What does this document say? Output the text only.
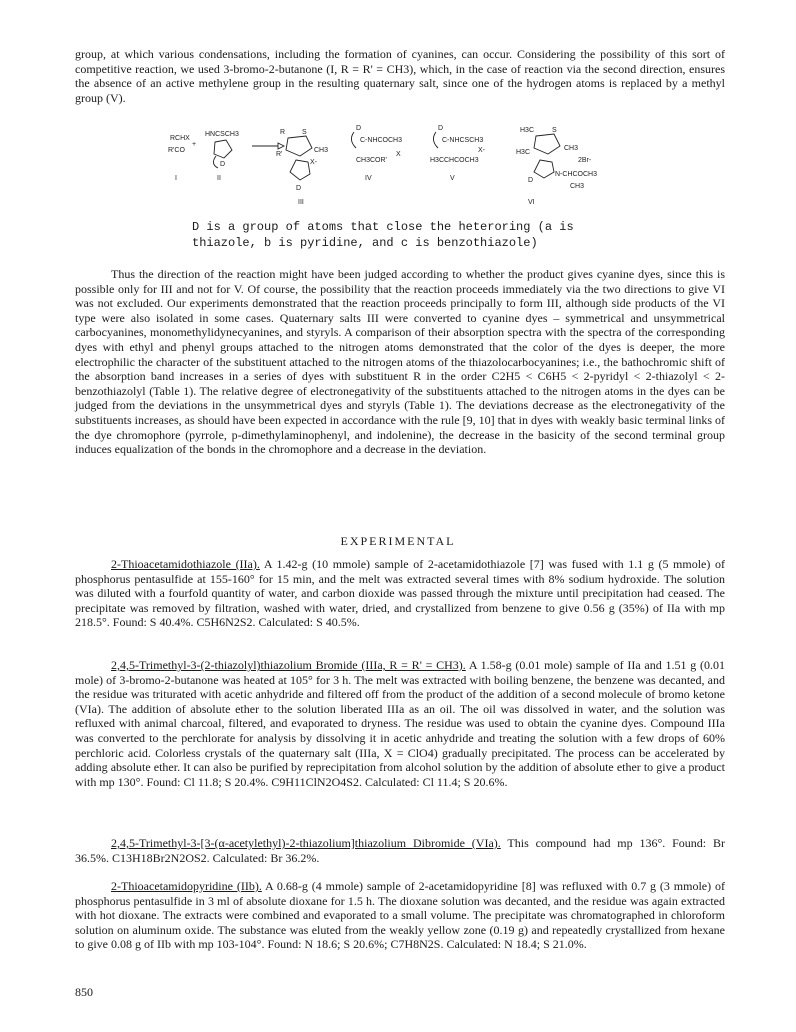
group, at which various condensations, including the formation of cyanines, can occur. Considering the possibility of this sort of competitive reaction, we used 3-bromo-2-butanone (I, R = R' = CH3), which, in the case of reaction via the second direction, ensures the absence of an active methylene group in the resulting quaternary salt, since one of the hydrogen atoms is replaced by a methyl group (V).

RCHX
R'CO
+
I
HNCSCH3
D
II
R S
CH3
R'
X-
D
III
D
C-NHCOCH3
X
CH3COR'
IV
D
C-NHCSCH3
X-
H3CCHCOCH3
V
H3C	S
CH3
H3C
2Br-
N-CHCOCH3
D
CH3
VI
D is a group of atoms that close the heteroring (a is thiazole, b is pyridine, and c is benzothiazole)

Thus the direction of the reaction might have been judged according to whether the product gives cyanine dyes, since this is possible only for III and not for V. Of course, the possibility that the reaction proceeds immediately via the two directions to give VI was not excluded. Our experiments demonstrated that the reaction proceeds principally to form III, although side products of the VI type were also isolated in some cases. Quaternary salts III were converted to cyanine dyes – symmetrical and unsymmetrical carbocyanines, monomethylidynecyanines, and styryls. A comparison of their absorption spectra with the spectra of the corresponding dyes with ethyl and phenyl groups attached to the nitrogen atoms demonstrated that the color of the dyes is deeper, the more electrophilic the character of the substituent attached to the nitrogen atoms of the thiazolocarbocyanines; i.e., the bathochromic shift of the absorption band increases in a series of dyes with substituent R in the order C2H5 < C6H5 < 2-pyridyl < 2-thiazolyl < 2-benzothiazolyl (Table 1). The relative degree of electronegativity of the substituents attached to the nitrogen atoms in the dyes can be judged from the deviations in the unsymmetrical dyes and styryls (Table 1). The deviations decrease as the electronegativity of the substituents increases, as should have been expected in accordance with the rule [9, 10] that in dyes with weakly basic terminal links of the dye chromophore (pyrrole, p-dimethylaminophenyl, and indolenine), the decrease in the basicity of the second terminal group induces equalization of the bonds in the chromophore and a decrease in the deviation.

EXPERIMENTAL

2-Thioacetamidothiazole (IIa). A 1.42-g (10 mmole) sample of 2-acetamidothiazole [7] was fused with 1.1 g (5 mmole) of phosphorus pentasulfide at 155-160° for 15 min, and the melt was extracted several times with 8% sodium hydroxide. The solution was diluted with a fourfold quantity of water, and carbon dioxide was passed through the mixture until precipitation had ceased. The precipitate was removed by filtration, washed with water, dried, and crystallized from benzene to give 0.56 g (35%) of IIa with mp 218.5°. Found: S 40.4%. C5H6N2S2. Calculated: S 40.5%.

2,4,5-Trimethyl-3-(2-thiazolyl)thiazolium Bromide (IIIa, R = R' = CH3). A 1.58-g (0.01 mole) sample of IIa and 1.51 g (0.01 mole) of 3-bromo-2-butanone was heated at 105° for 3 h. The melt was extracted with boiling benzene, the benzene was decanted, and the residue was triturated with acetic anhydride and filtered off from the product of the addition of a second molecule of bromo ketone (VIa). The addition of absolute ether to the solution liberated IIIa as an oil. The oil was dissolved in water, and the solution was refluxed with animal charcoal, filtered, and evaporated to dryness. The residue was used to obtain the cyanine dyes. Compound IIIa was converted to the perchlorate for analysis by dissolving it in acetic anhydride and treating the solution with a few drops of 60% perchloric acid. Colorless crystals of the quaternary salt (IIIa, X = ClO4) gradually precipitated. The process can be accelerated by adding absolute ether. It can also be purified by reprecipitation from alcohol solution by the addition of absolute ether to give a product with mp 130°. Found: Cl 11.8; S 20.4%. C9H11ClN2O4S2. Calculated: Cl 11.4; S 20.6%.

2,4,5-Trimethyl-3-[3-(α-acetylethyl)-2-thiazolium]thiazolium Dibromide (VIa). This compound had mp 136°. Found: Br 36.5%. C13H18Br2N2OS2. Calculated: Br 36.2%.

2-Thioacetamidopyridine (IIb). A 0.68-g (4 mmole) sample of 2-acetamidopyridine [8] was refluxed with 0.7 g (3 mmole) of phosphorus pentasulfide in 3 ml of absolute dioxane for 1.5 h. The dioxane solution was decanted, and the residue was again extracted with hot dioxane. The extracts were combined and evaporated to a small volume. The precipitate was chromatographed in chloroform solution on aluminum oxide. The substance was eluted from the weakly yellow zone (0.19 g) and repeatedly crystallized from hexane to give 0.08 g of IIb with mp 103-104°. Found: N 18.6; S 20.6%; C7H8N2S. Calculated: N 18.4; S 21.0%.

850
